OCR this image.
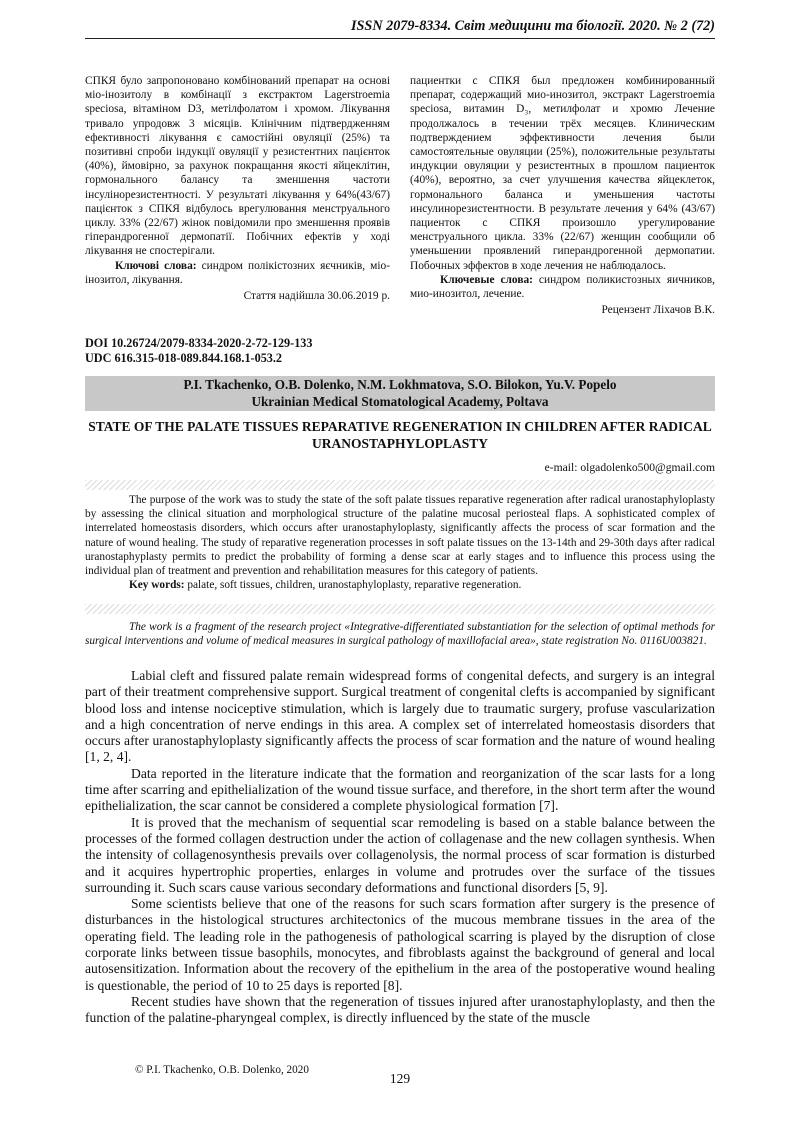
ISSN 2079-8334. Світ медицини та біології. 2020. № 2 (72)

СПКЯ було запропоновано комбінований препарат на основі міо-інозитолу в комбінації з екстрактом Lagerstroemia speciosa, вітаміном D3, метілфолатом і хромом. Лікування тривало упродовж 3 місяців. Клінічним підтвердженням ефективності лікування є самостійні овуляції (25%) та позитивні спроби індукції овуляції у резистентних пацієнток (40%), ймовірно, за рахунок покращання якості яйцеклітин, гормонального балансу та зменшення частоти інсулінорезистентності. У результаті лікування у 64%(43/67) пацієнток з СПКЯ відбулось врегулювання менструального циклу. 33% (22/67) жінок повідомили про зменшення проявів гіперандрогенної дермопатії. Побічних ефектів у ході лікування не спостерігали.

Ключові слова: синдром полікістозних яєчників, міо-інозитол, лікування.

Стаття надійшла 30.06.2019 р.

пациентки с СПКЯ был предложен комбинированный препарат, содержащий мио-инозитол, экстракт Lagerstroemia speciosa, витамин D₃, метилфолат и хромю Лечение продолжалось в течении трёх месяцев. Клиническим подтверждением эффективности лечения были самостоятельные овуляции (25%), положительные результаты индукции овуляции у резистентных в прошлом пациенток (40%), вероятно, за счет улучшения качества яйцеклеток, гормонального баланса и уменьшения частоты инсулинорезистентности. В результате лечения у 64% (43/67) пациенток с СПКЯ произошло урегулирование менструального цикла. 33% (22/67) женщин сообщили об уменьшении проявлений гиперандрогенной дермопатии. Побочных эффектов в ходе лечения не наблюдалось.

Ключевые слова: синдром поликистозных яичников, мио-инозитол, лечение.

Рецензент Ліхачов В.К.

DOI 10.26724/2079-8334-2020-2-72-129-133
UDC 616.315-018-089.844.168.1-053.2
P.I. Tkachenko, O.B. Dolenko, N.M. Lokhmatova, S.O. Bilokon, Yu.V. Popelo
Ukrainian Medical Stomatological Academy, Poltava
STATE OF THE PALATE TISSUES REPARATIVE REGENERATION IN CHILDREN AFTER RADICAL URANOSTAPHYLOPLASTY
e-mail: olgadolenko500@gmail.com

The purpose of the work was to study the state of the soft palate tissues reparative regeneration after radical uranostaphyloplasty by assessing the clinical situation and morphological structure of the palatine mucosal periosteal flaps. A sophisticated complex of interrelated homeostasis disorders, which occurs after uranostaphyloplasty, significantly affects the process of scar formation and the nature of wound healing. The study of reparative regeneration processes in soft palate tissues on the 13-14th and 29-30th days after radical uranostaphyplasty permits to predict the probability of forming a dense scar at early stages and to influence this process using the individual plan of treatment and prevention and rehabilitation measures for this category of patients.

Key words: palate, soft tissues, children, uranostaphyloplasty, reparative regeneration.

The work is a fragment of the research project «Integrative-differentiated substantiation for the selection of optimal methods for surgical interventions and volume of medical measures in surgical pathology of maxillofacial area», state registration No. 0116U003821.

Labial cleft and fissured palate remain widespread forms of congenital defects, and surgery is an integral part of their treatment comprehensive support. Surgical treatment of congenital clefts is accompanied by significant blood loss and intense nociceptive stimulation, which is largely due to traumatic surgery, profuse vascularization and a high concentration of nerve endings in this area. A complex set of interrelated homeostasis disorders that occurs after uranostaphyloplasty significantly affects the process of scar formation and the nature of wound healing [1, 2, 4].

Data reported in the literature indicate that the formation and reorganization of the scar lasts for a long time after scarring and epithelialization of the wound tissue surface, and therefore, in the short term after the wound epithelialization, the scar cannot be considered a complete physiological formation [7].

It is proved that the mechanism of sequential scar remodeling is based on a stable balance between the processes of the formed collagen destruction under the action of collagenase and the new collagen synthesis. When the intensity of collagenosynthesis prevails over collagenolysis, the normal process of scar formation is disturbed and it acquires hypertrophic properties, enlarges in volume and protrudes over the surface of the tissues surrounding it. Such scars cause various secondary deformations and functional disorders [5, 9].

Some scientists believe that one of the reasons for such scars formation after surgery is the presence of disturbances in the histological structures architectonics of the mucous membrane tissues in the area of the operating field. The leading role in the pathogenesis of pathological scarring is played by the disruption of close corporate links between tissue basophils, monocytes, and fibroblasts against the background of general and local autosensitization. Information about the recovery of the epithelium in the area of the postoperative wound healing is questionable, the period of 10 to 25 days is reported [8].

Recent studies have shown that the regeneration of tissues injured after uranostaphyloplasty, and then the function of the palatine-pharyngeal complex, is directly influenced by the state of the muscle

© P.I. Tkachenko, O.B. Dolenko, 2020
129
